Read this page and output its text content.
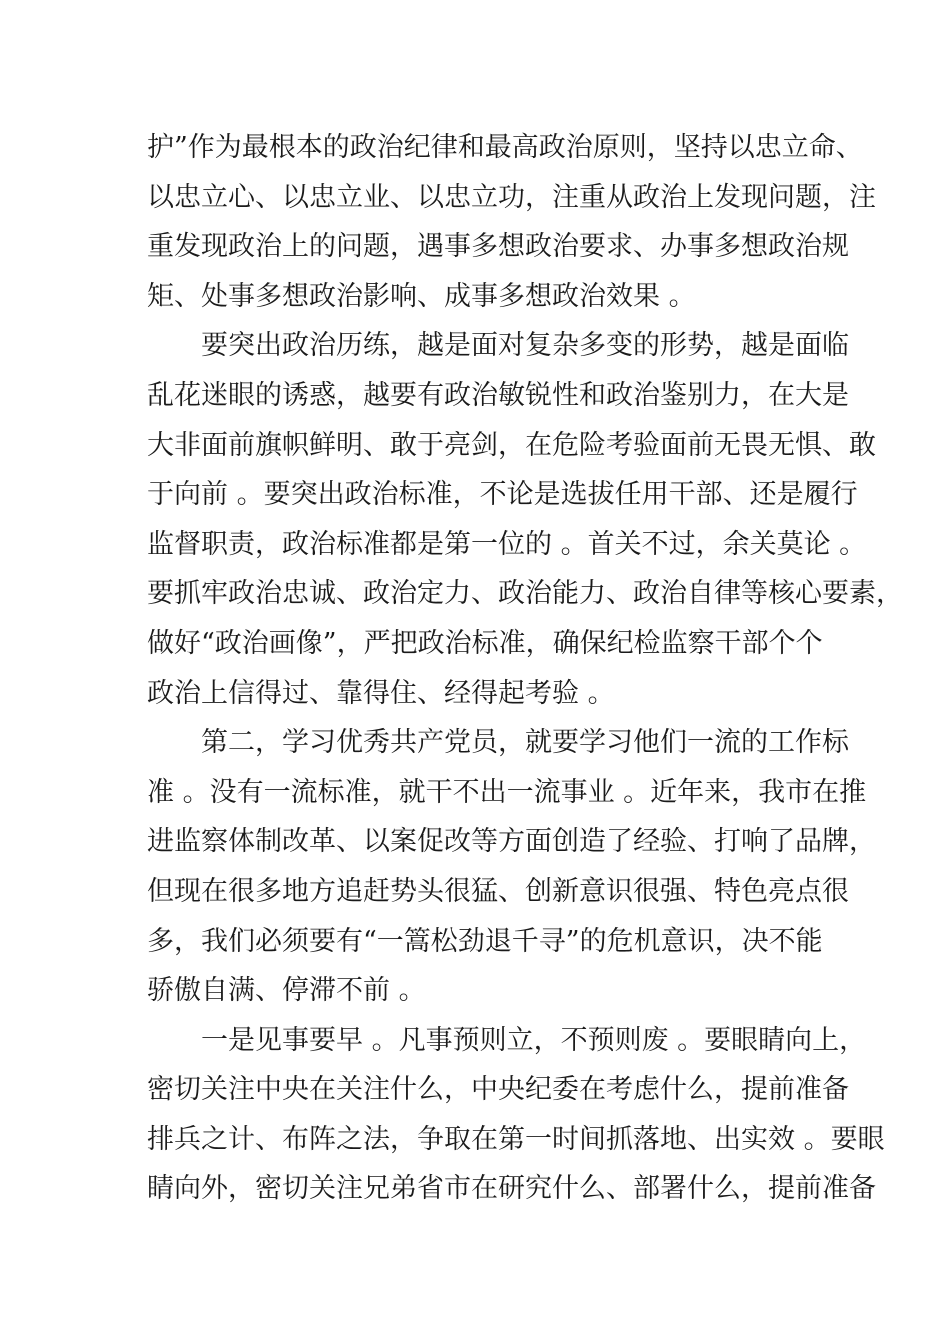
护”作为最根本的政治纪律和最高政治原则，坚持以忠立命、
以忠立心、以忠立业、以忠立功，注重从政治上发现问题，注
重发现政治上的问题，遇事多想政治要求、办事多想政治规
矩、处事多想政治影响、成事多想政治效果 。
要突出政治历练，越是面对复杂多变的形势，越是面临
乱花迷眼的诱惑，越要有政治敏锐性和政治鉴别力，在大是
大非面前旗帜鲜明、敢于亮剑，在危险考验面前无畏无惧、敢
于向前 。要突出政治标准，不论是选拔任用干部、还是履行
监督职责，政治标准都是第一位的 。首关不过，余关莫论 。
要抓牢政治忠诚、政治定力、政治能力、政治自律等核心要素，
做好“政治画像”，严把政治标准，确保纪检监察干部个个
政治上信得过、靠得住、经得起考验 。
第二，学习优秀共产党员，就要学习他们一流的工作标
准 。没有一流标准，就干不出一流事业 。近年来，我市在推
进监察体制改革、以案促改等方面创造了经验、打响了品牌，
但现在很多地方追赶势头很猛、创新意识很强、特色亮点很
多，我们必须要有“一篙松劲退千寻”的危机意识，决不能
骄傲自满、停滞不前 。
一是见事要早 。凡事预则立，不预则废 。要眼睛向上，
密切关注中央在关注什么，中央纪委在考虑什么，提前准备
排兵之计、布阵之法，争取在第一时间抓落地、出实效 。要眼
睛向外，密切关注兄弟省市在研究什么、部署什么，提前准备
